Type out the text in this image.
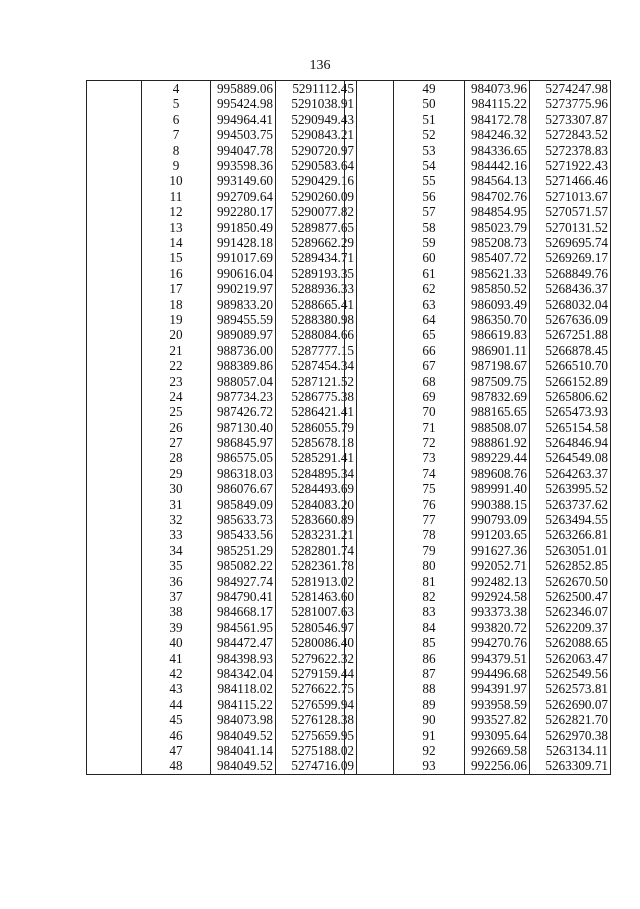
136
	4	995889.06	5291112.45
	5	995424.98	5291038.91
	6	994964.41	5290949.43
	7	994503.75	5290843.21
	8	994047.78	5290720.97
	9	993598.36	5290583.64
	10	993149.60	5290429.16
	11	992709.64	5290260.09
	12	992280.17	5290077.82
	13	991850.49	5289877.65
	14	991428.18	5289662.29
	15	991017.69	5289434.71
	16	990616.04	5289193.35
	17	990219.97	5288936.33
	18	989833.20	5288665.41
	19	989455.59	5288380.98
	20	989089.97	5288084.66
	21	988736.00	5287777.15
	22	988389.86	5287454.34
	23	988057.04	5287121.52
	24	987734.23	5286775.38
	25	987426.72	5286421.41
	26	987130.40	5286055.79
	27	986845.97	5285678.18
	28	986575.05	5285291.41
	29	986318.03	5284895.34
	30	986076.67	5284493.69
	31	985849.09	5284083.20
	32	985633.73	5283660.89
	33	985433.56	5283231.21
	34	985251.29	5282801.74
	35	985082.22	5282361.78
	36	984927.74	5281913.02
	37	984790.41	5281463.60
	38	984668.17	5281007.63
	39	984561.95	5280546.97
	40	984472.47	5280086.40
	41	984398.93	5279622.32
	42	984342.04	5279159.44
	43	984118.02	5276622.75
	44	984115.22	5276599.94
	45	984073.98	5276128.38
	46	984049.52	5275659.95
	47	984041.14	5275188.02
	48	984049.52	5274716.09
	49	984073.96	5274247.98
	50	984115.22	5273775.96
	51	984172.78	5273307.87
	52	984246.32	5272843.52
	53	984336.65	5272378.83
	54	984442.16	5271922.43
	55	984564.13	5271466.46
	56	984702.76	5271013.67
	57	984854.95	5270571.57
	58	985023.79	5270131.52
	59	985208.73	5269695.74
	60	985407.72	5269269.17
	61	985621.33	5268849.76
	62	985850.52	5268436.37
	63	986093.49	5268032.04
	64	986350.70	5267636.09
	65	986619.83	5267251.88
	66	986901.11	5266878.45
	67	987198.67	5266510.70
	68	987509.75	5266152.89
	69	987832.69	5265806.62
	70	988165.65	5265473.93
	71	988508.07	5265154.58
	72	988861.92	5264846.94
	73	989229.44	5264549.08
	74	989608.76	5264263.37
	75	989991.40	5263995.52
	76	990388.15	5263737.62
	77	990793.09	5263494.55
	78	991203.65	5263266.81
	79	991627.36	5263051.01
	80	992052.71	5262852.85
	81	992482.13	5262670.50
	82	992924.58	5262500.47
	83	993373.38	5262346.07
	84	993820.72	5262209.37
	85	994270.76	5262088.65
	86	994379.51	5262063.47
	87	994496.68	5262549.56
	88	994391.97	5262573.81
	89	993958.59	5262690.07
	90	993527.82	5262821.70
	91	993095.64	5262970.38
	92	992669.58	5263134.11
	93	992256.06	5263309.71
